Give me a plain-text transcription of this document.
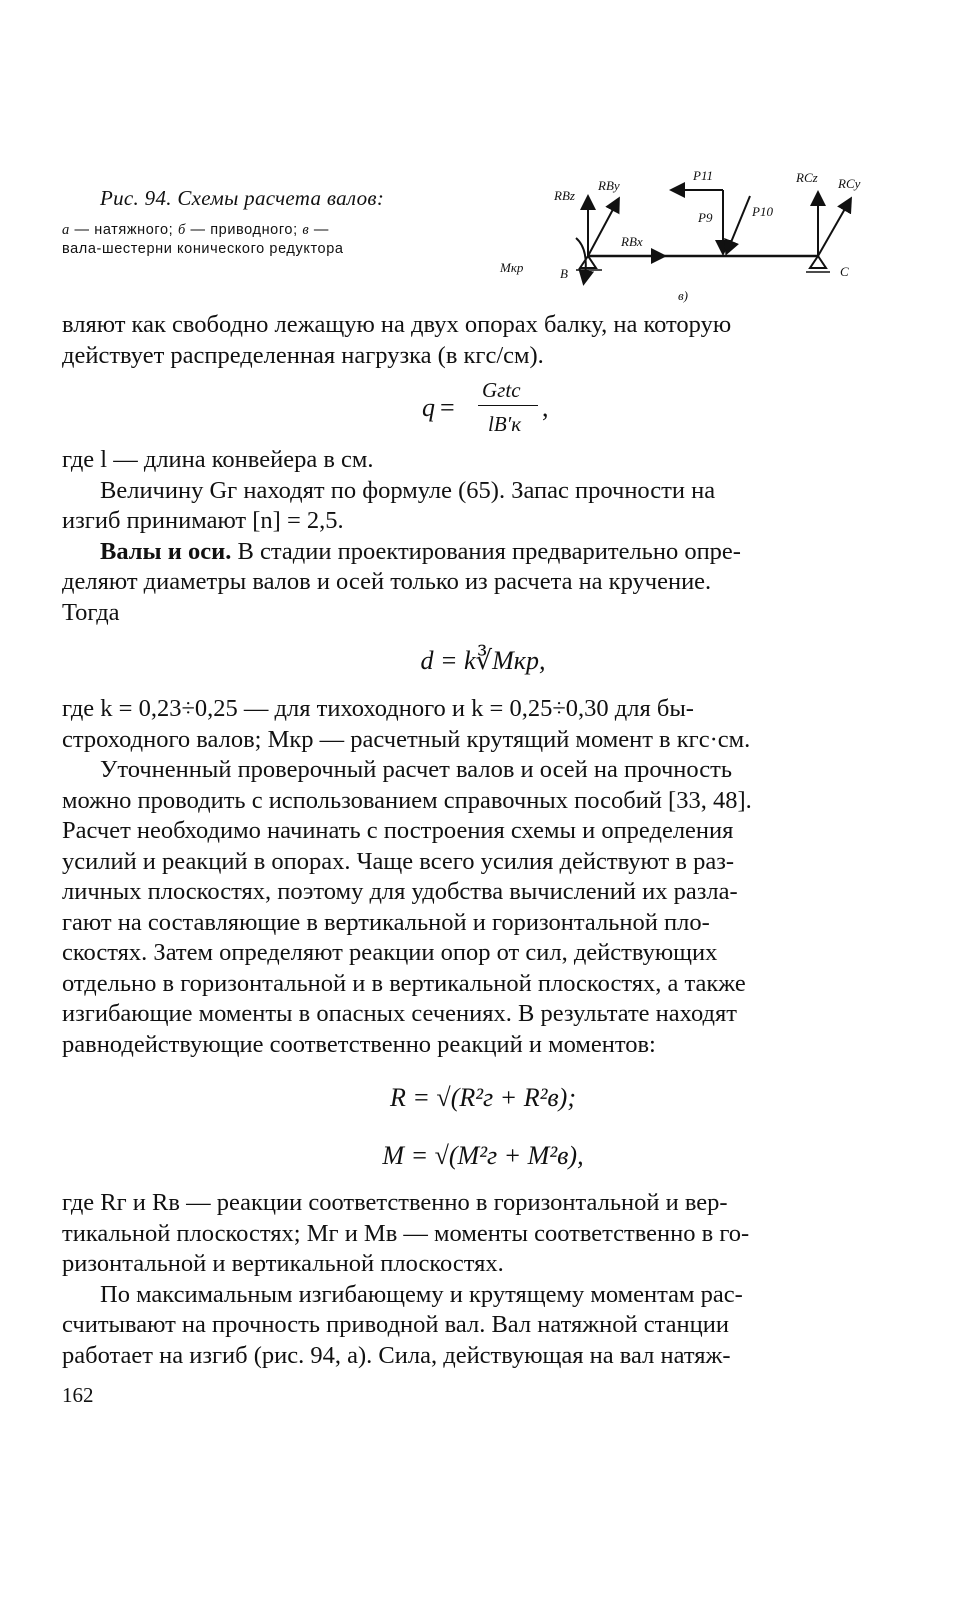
Рис. 94. Схемы расчета валов:
а — натяжного; б — приводного; в —
вала-шестерни конического редуктора
Mкр
RBz
RBy
RBx
B
P11
P9	P10
RCz RCy
C
в)

вляют как свободно лежащую на двух опорах балку, на которую

действует распределенная нагрузка (в кгс/см).

q =
Gгtс
lB′к
,

где l — длина конвейера в см.

Величину Gг находят по формуле (65). Запас прочности на

изгиб принимают [n] = 2,5.

Валы и оси. В стадии проектирования предварительно опре-

деляют диаметры валов и осей только из расчета на кручение.

Тогда

d = k∛Mкр,

где k = 0,23÷0,25 — для тихоходного и k = 0,25÷0,30 для бы-

строходного валов; Mкр — расчетный крутящий момент в кгс·см.

Уточненный проверочный расчет валов и осей на прочность

можно проводить с использованием справочных пособий [33, 48].

Расчет необходимо начинать с построения схемы и определения

усилий и реакций в опорах. Чаще всего усилия действуют в раз-

личных плоскостях, поэтому для удобства вычислений их разла-

гают на составляющие в вертикальной и горизонтальной пло-

скостях. Затем определяют реакции опор от сил, действующих

отдельно в горизонтальной и в вертикальной плоскостях, а также

изгибающие моменты в опасных сечениях. В результате находят

равнодействующие соответственно реакций и моментов:

R = √(R²г + R²в);
M = √(M²г + M²в),

где Rг и Rв — реакции соответственно в горизонтальной и вер-

тикальной плоскостях; Mг и Mв — моменты соответственно в го-

ризонтальной и вертикальной плоскостях.

По максимальным изгибающему и крутящему моментам рас-

считывают на прочность приводной вал. Вал натяжной станции

работает на изгиб (рис. 94, а). Сила, действующая на вал натяж-

162
